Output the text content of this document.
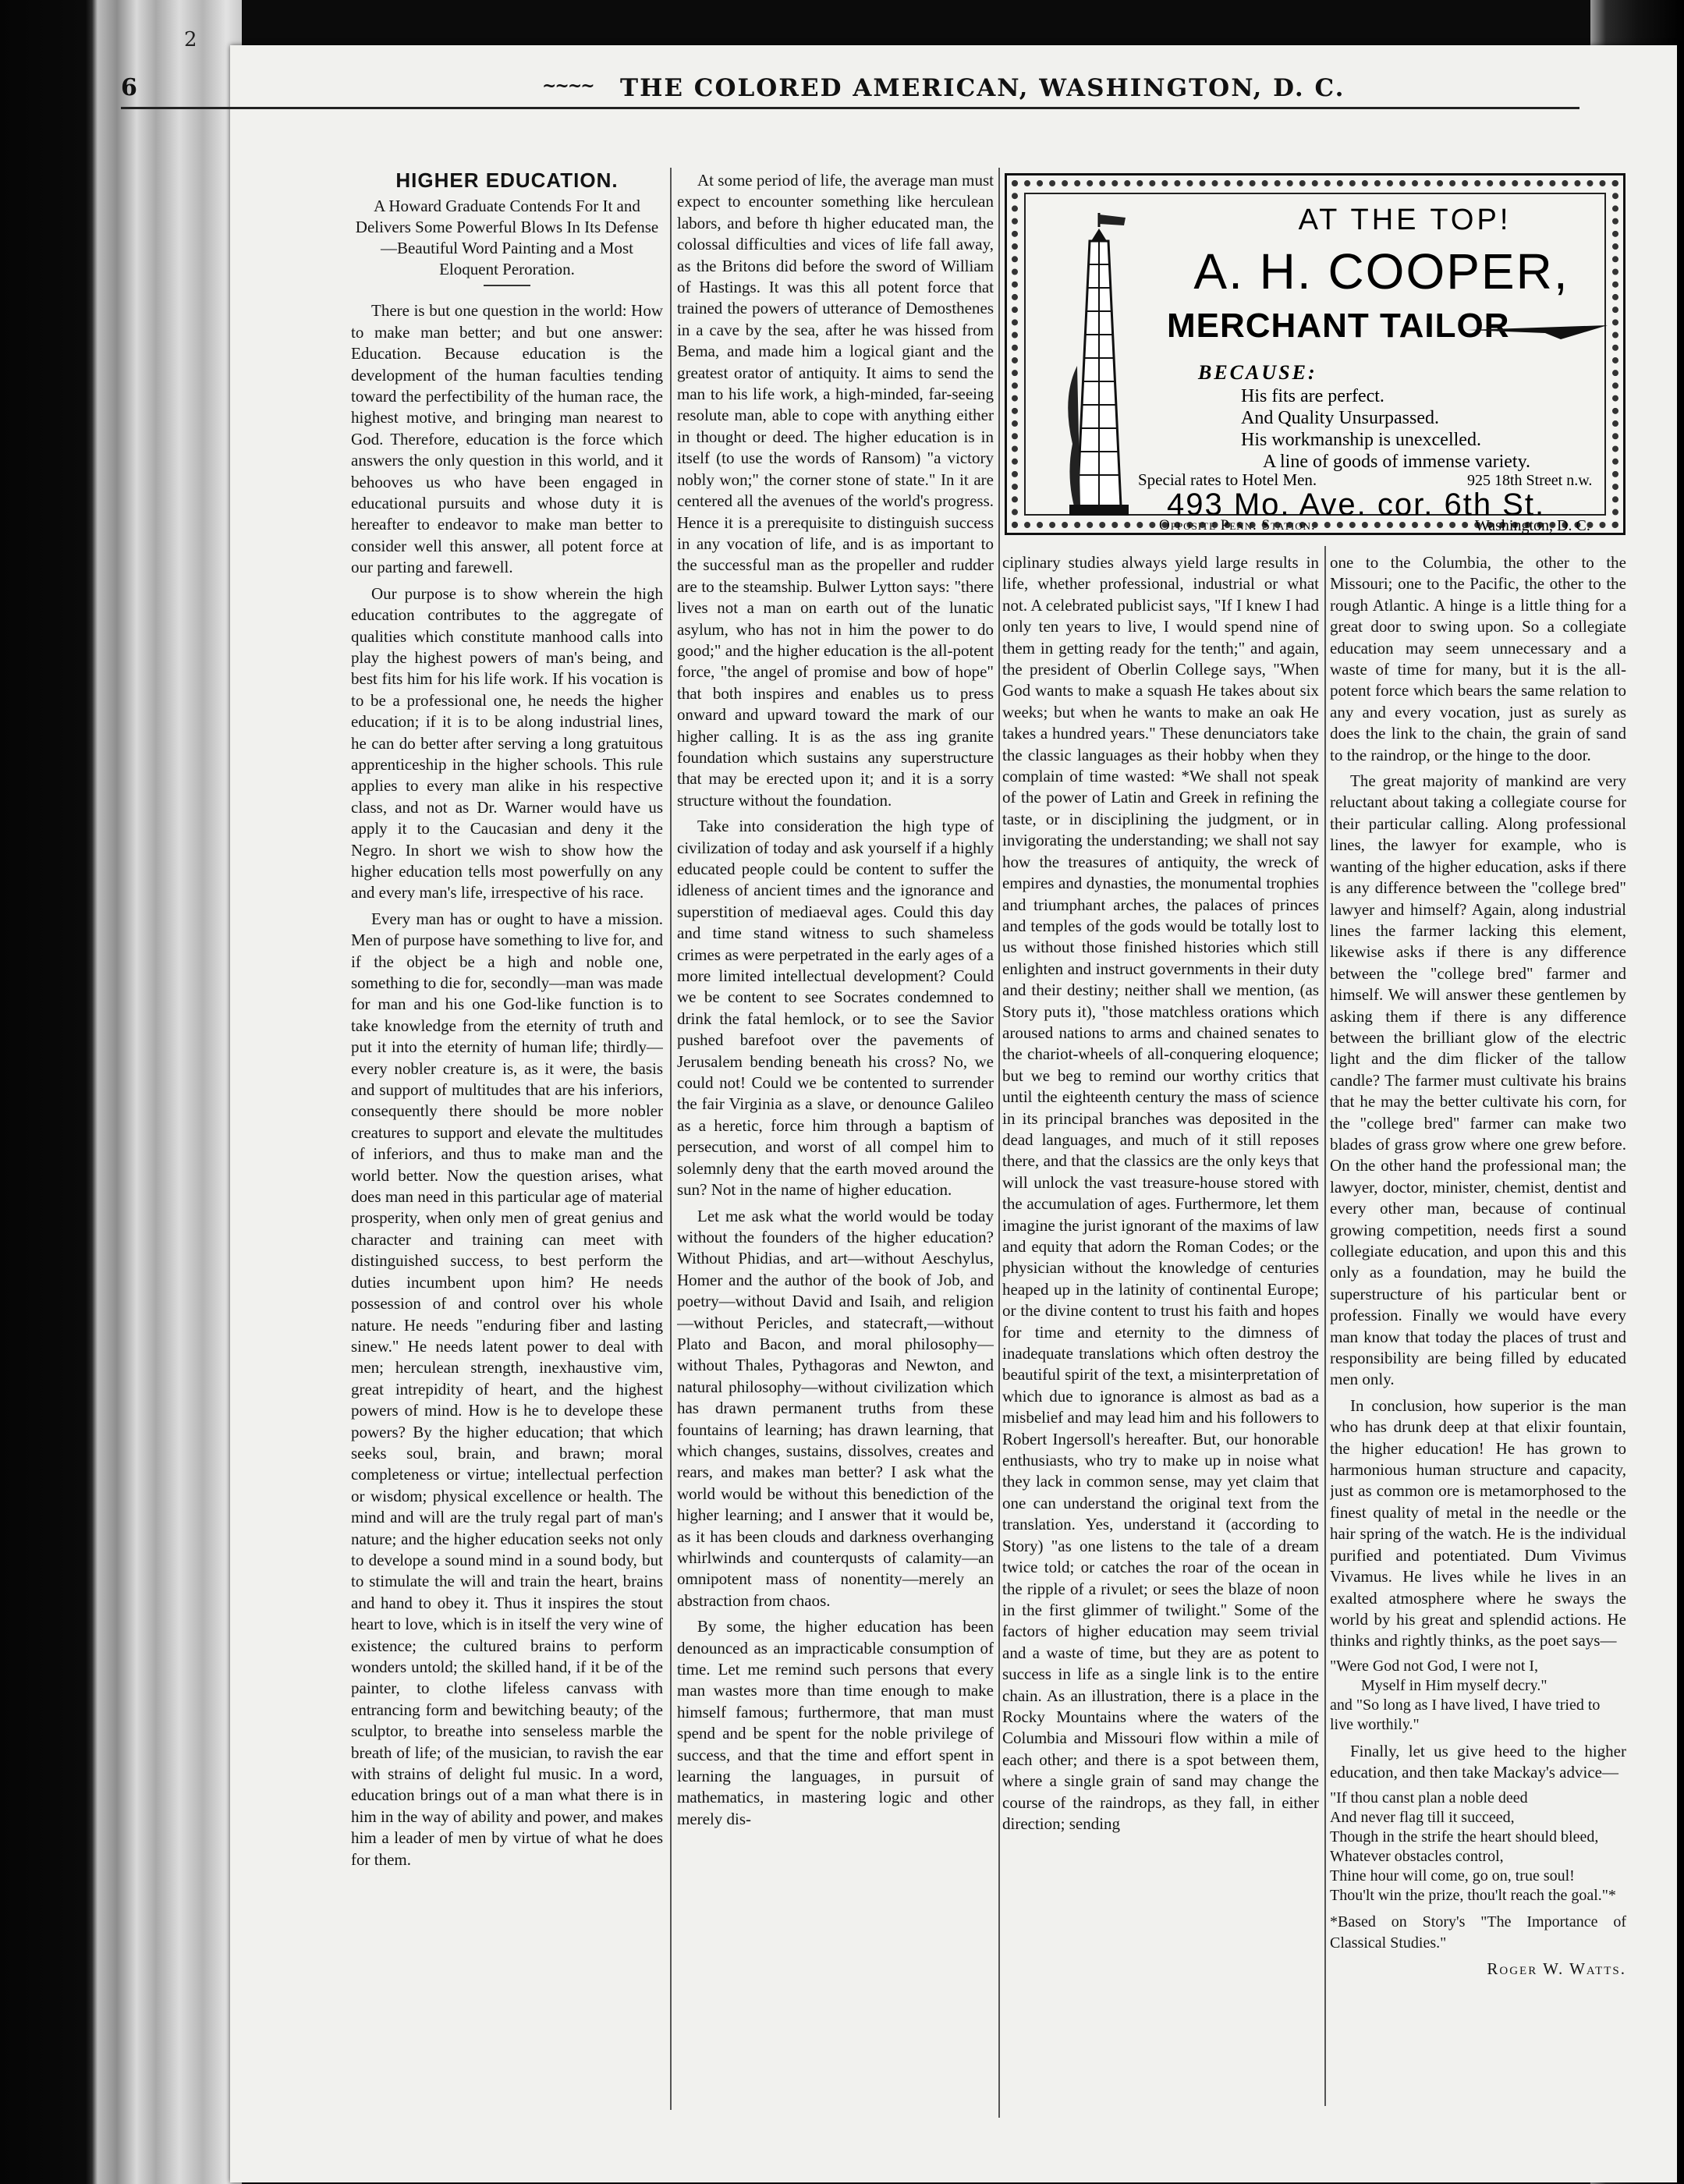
2
6	~~~~ THE COLORED AMERICAN, WASHINGTON, D. C.

HIGHER EDUCATION.

A Howard Graduate Contends For It and Delivers Some Powerful Blows In Its Defense—Beautiful Word Painting and a Most Eloquent Peroration.

There is but one question in the world: How to make man better; and but one answer: Education. Because education is the development of the human faculties tending toward the perfectibility of the human race, the highest motive, and bringing man nearest to God. Therefore, education is the force which answers the only question in this world, and it behooves us who have been engaged in educational pursuits and whose duty it is hereafter to endeavor to make man better to consider well this answer, all potent force at our parting and farewell.

Our purpose is to show wherein the high education contributes to the aggregate of qualities which constitute manhood calls into play the highest powers of man's being, and best fits him for his life work. If his vocation is to be a professional one, he needs the higher education; if it is to be along industrial lines, he can do better after serving a long gratuitous apprenticeship in the higher schools. This rule applies to every man alike in his respective class, and not as Dr. Warner would have us apply it to the Caucasian and deny it the Negro. In short we wish to show how the higher education tells most powerfully on any and every man's life, irrespective of his race.

Every man has or ought to have a mission. Men of purpose have something to live for, and if the object be a high and noble one, something to die for, secondly—man was made for man and his one God-like function is to take knowledge from the eternity of truth and put it into the eternity of human life; thirdly—every nobler creature is, as it were, the basis and support of multitudes that are his inferiors, consequently there should be more nobler creatures to support and elevate the multitudes of inferiors, and thus to make man and the world better. Now the question arises, what does man need in this particular age of material prosperity, when only men of great genius and character and training can meet with distinguished success, to best perform the duties incumbent upon him? He needs possession of and control over his whole nature. He needs "enduring fiber and lasting sinew." He needs latent power to deal with men; herculean strength, inexhaustive vim, great intrepidity of heart, and the highest powers of mind. How is he to develope these powers? By the higher education; that which seeks soul, brain, and brawn; moral completeness or virtue; intellectual perfection or wisdom; physical excellence or health. The mind and will are the truly regal part of man's nature; and the higher education seeks not only to develope a sound mind in a sound body, but to stimulate the will and train the heart, brains and hand to obey it. Thus it inspires the stout heart to love, which is in itself the very wine of existence; the cultured brains to perform wonders untold; the skilled hand, if it be of the painter, to clothe lifeless canvass with entrancing form and bewitching beauty; of the sculptor, to breathe into senseless marble the breath of life; of the musician, to ravish the ear with strains of delight ful music. In a word, education brings out of a man what there is in him in the way of ability and power, and makes him a leader of men by virtue of what he does for them.

At some period of life, the average man must expect to encounter something like herculean labors, and before th higher educated man, the colossal difficulties and vices of life fall away, as the Britons did before the sword of William of Hastings. It was this all potent force that trained the powers of utterance of Demosthenes in a cave by the sea, after he was hissed from Bema, and made him a logical giant and the greatest orator of antiquity. It aims to send the man to his life work, a high-minded, far-seeing resolute man, able to cope with anything either in thought or deed. The higher education is in itself (to use the words of Ransom) "a victory nobly won;" the corner stone of state." In it are centered all the avenues of the world's progress. Hence it is a prerequisite to distinguish success in any vocation of life, and is as important to the successful man as the propeller and rudder are to the steamship. Bulwer Lytton says: "there lives not a man on earth out of the lunatic asylum, who has not in him the power to do good;" and the higher education is the all-potent force, "the angel of promise and bow of hope" that both inspires and enables us to press onward and upward toward the mark of our higher calling. It is as the ass ing granite foundation which sustains any superstructure that may be erected upon it; and it is a sorry structure without the foundation.

Take into consideration the high type of civilization of today and ask yourself if a highly educated people could be content to suffer the idleness of ancient times and the ignorance and superstition of mediaeval ages. Could this day and time stand witness to such shameless crimes as were perpetrated in the early ages of a more limited intellectual development? Could we be content to see Socrates condemned to drink the fatal hemlock, or to see the Savior pushed barefoot over the pavements of Jerusalem bending beneath his cross? No, we could not! Could we be contented to surrender the fair Virginia as a slave, or denounce Galileo as a heretic, force him through a baptism of persecution, and worst of all compel him to solemnly deny that the earth moved around the sun? Not in the name of higher education.

Let me ask what the world would be today without the founders of the higher education? Without Phidias, and art—without Aeschylus, Homer and the author of the book of Job, and poetry—without David and Isaih, and religion—without Pericles, and statecraft,—without Plato and Bacon, and moral philosophy—without Thales, Pythagoras and Newton, and natural philosophy—without civilization which has drawn permanent truths from these fountains of learning; has drawn learning, that which changes, sustains, dissolves, creates and rears, and makes man better? I ask what the world would be without this benediction of the higher learning; and I answer that it would be, as it has been clouds and darkness overhanging whirlwinds and counterqusts of calamity—an omnipotent mass of nonentity—merely an abstraction from chaos.

By some, the higher education has been denounced as an impracticable consumption of time. Let me remind such persons that every man wastes more than time enough to make himself famous; furthermore, that man must spend and be spent for the noble privilege of success, and that the time and effort spent in learning the languages, in pursuit of mathematics, in mastering logic and other merely dis-

AT THE TOP!
A. H. COOPER,
MERCHANT TAILOR
BECAUSE:
His fits are perfect.
And Quality Unsurpassed.
His workmanship is unexcelled.
A line of goods of immense variety.
Special rates to Hotel Men.	925 18th Street n.w.
493 Mo. Ave. cor. 6th St.
Opposite Penn. Station.	Washington, D. C.

ciplinary studies always yield large results in life, whether professional, industrial or what not. A celebrated publicist says, "If I knew I had only ten years to live, I would spend nine of them in getting ready for the tenth;" and again, the president of Oberlin College says, "When God wants to make a squash He takes about six weeks; but when he wants to make an oak He takes a hundred years." These denunciators take the classic languages as their hobby when they complain of time wasted: *We shall not speak of the power of Latin and Greek in refining the taste, or in disciplining the judgment, or in invigorating the understanding; we shall not say how the treasures of antiquity, the wreck of empires and dynasties, the monumental trophies and triumphant arches, the palaces of princes and temples of the gods would be totally lost to us without those finished histories which still enlighten and instruct governments in their duty and their destiny; neither shall we mention, (as Story puts it), "those matchless orations which aroused nations to arms and chained senates to the chariot-wheels of all-conquering eloquence; but we beg to remind our worthy critics that until the eighteenth century the mass of science in its principal branches was deposited in the dead languages, and much of it still reposes there, and that the classics are the only keys that will unlock the vast treasure-house stored with the accumulation of ages. Furthermore, let them imagine the jurist ignorant of the maxims of law and equity that adorn the Roman Codes; or the physician without the knowledge of centuries heaped up in the latinity of continental Europe; or the divine content to trust his faith and hopes for time and eternity to the dimness of inadequate translations which often destroy the beautiful spirit of the text, a misinterpretation of which due to ignorance is almost as bad as a misbelief and may lead him and his followers to Robert Ingersoll's hereafter. But, our honorable enthusiasts, who try to make up in noise what they lack in common sense, may yet claim that one can understand the original text from the translation. Yes, understand it (according to Story) "as one listens to the tale of a dream twice told; or catches the roar of the ocean in the ripple of a rivulet; or sees the blaze of noon in the first glimmer of twilight." Some of the factors of higher education may seem trivial and a waste of time, but they are as potent to success in life as a single link is to the entire chain. As an illustration, there is a place in the Rocky Mountains where the waters of the Columbia and Missouri flow within a mile of each other; and there is a spot between them, where a single grain of sand may change the course of the raindrops, as they fall, in either direction; sending

one to the Columbia, the other to the Missouri; one to the Pacific, the other to the rough Atlantic. A hinge is a little thing for a great door to swing upon. So a collegiate education may seem unnecessary and a waste of time for many, but it is the all-potent force which bears the same relation to any and every vocation, just as surely as does the link to the chain, the grain of sand to the raindrop, or the hinge to the door.

The great majority of mankind are very reluctant about taking a collegiate course for their particular calling. Along professional lines, the lawyer for example, who is wanting of the higher education, asks if there is any difference between the "college bred" lawyer and himself? Again, along industrial lines the farmer lacking this element, likewise asks if there is any difference between the "college bred" farmer and himself. We will answer these gentlemen by asking them if there is any difference between the brilliant glow of the electric light and the dim flicker of the tallow candle? The farmer must cultivate his brains that he may the better cultivate his corn, for the "college bred" farmer can make two blades of grass grow where one grew before. On the other hand the professional man; the lawyer, doctor, minister, chemist, dentist and every other man, because of continual growing competition, needs first a sound collegiate education, and upon this and this only as a foundation, may he build the superstructure of his particular bent or profession. Finally we would have every man know that today the places of trust and responsibility are being filled by educated men only.

In conclusion, how superior is the man who has drunk deep at that elixir fountain, the higher education! He has grown to harmonious human structure and capacity, just as common ore is metamorphosed to the finest quality of metal in the needle or the hair spring of the watch. He is the individual purified and potentiated. Dum Vivimus Vivamus. He lives while he lives in an exalted atmosphere where he sways the world by his great and splendid actions. He thinks and rightly thinks, as the poet says—

"Were God not God, I were not I,
Myself in Him myself decry."
and "So long as I have lived, I have tried to live worthily."

Finally, let us give heed to the higher education, and then take Mackay's advice—

"If thou canst plan a noble deed
And never flag till it succeed,
Though in the strife the heart should bleed,
Whatever obstacles control,
Thine hour will come, go on, true soul!
Thou'lt win the prize, thou'lt reach the goal."*

*Based on Story's "The Importance of Classical Studies."

Roger W. Watts.
